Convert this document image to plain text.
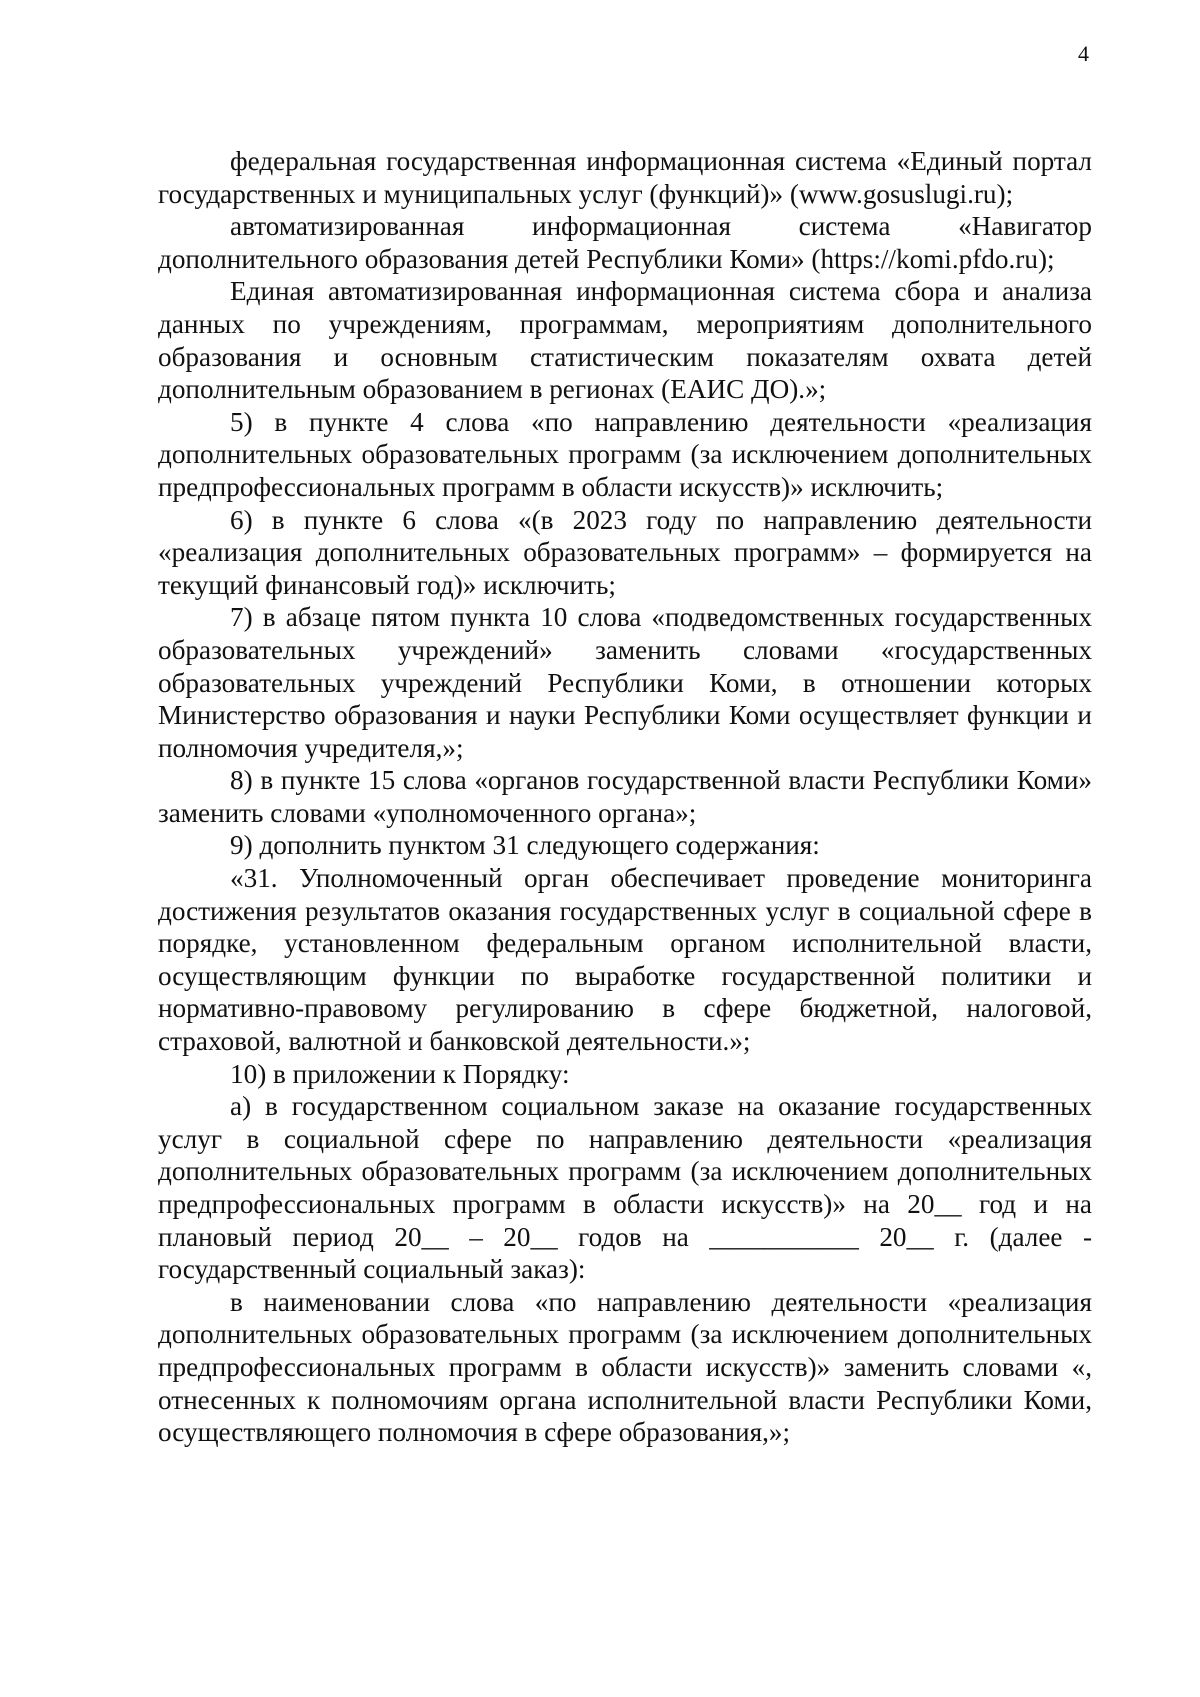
4

федеральная государственная информационная система «Единый портал государственных и муниципальных услуг (функций)» (www.gosuslugi.ru);

автоматизированная информационная система «Навигатор дополнительного образования детей Республики Коми» (https://komi.pfdo.ru);

Единая автоматизированная информационная система сбора и анализа данных по учреждениям, программам, мероприятиям дополнительного образования и основным статистическим показателям охвата детей дополнительным образованием в регионах (ЕАИС ДО).»;

5) в пункте 4 слова «по направлению деятельности «реализация дополнительных образовательных программ (за исключением дополнительных предпрофессиональных программ в области искусств)» исключить;

6) в пункте 6 слова «(в 2023 году по направлению деятельности «реализация дополнительных образовательных программ» – формируется на текущий финансовый год)» исключить;

7) в абзаце пятом пункта 10 слова «подведомственных государственных образовательных учреждений» заменить словами «государственных образовательных учреждений Республики Коми, в отношении которых Министерство образования и науки Республики Коми осуществляет функции и полномочия учредителя,»;

8) в пункте 15 слова «органов государственной власти Республики Коми» заменить словами «уполномоченного органа»;

9) дополнить пунктом 31 следующего содержания:

«31. Уполномоченный орган обеспечивает проведение мониторинга достижения результатов оказания государственных услуг в социальной сфере в порядке, установленном федеральным органом исполнительной власти, осуществляющим функции по выработке государственной политики и нормативно-правовому регулированию в сфере бюджетной, налоговой, страховой, валютной и банковской деятельности.»;

10) в приложении к Порядку:

а) в государственном социальном заказе на оказание государственных услуг в социальной сфере по направлению деятельности «реализация дополнительных образовательных программ (за исключением дополнительных предпрофессиональных программ в области искусств)» на 20__ год и на плановый период 20__ – 20__ годов на ___________ 20__ г. (далее - государственный социальный заказ):

в наименовании слова «по направлению деятельности «реализация дополнительных образовательных программ (за исключением дополнительных предпрофессиональных программ в области искусств)» заменить словами «, отнесенных к полномочиям органа исполнительной власти Республики Коми, осуществляющего полномочия в сфере образования,»;
